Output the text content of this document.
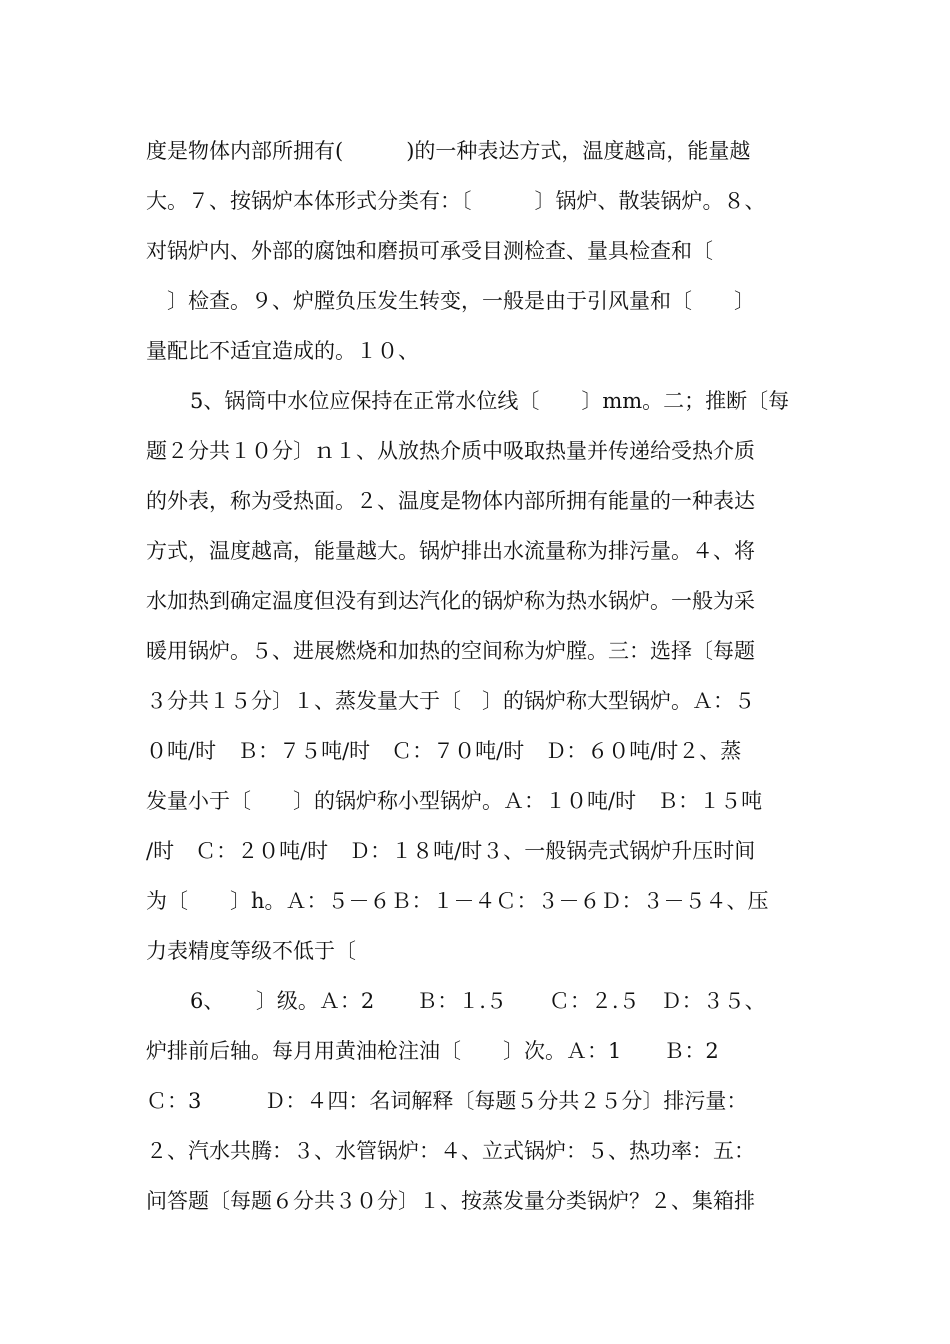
度是物体内部所拥有(　　　)的一种表达方式，温度越高，能量越
大。７、按锅炉本体形式分类有：〔　　　〕锅炉、散装锅炉。８、
对锅炉内、外部的腐蚀和磨损可承受目测检查、量具检查和〔
　〕检查。９、炉膛负压发生转变，一般是由于引风量和〔　　〕
量配比不适宜造成的。１０、
5、锅筒中水位应保持在正常水位线〔　　〕mm。二；推断〔每
题２分共１０分〕ｎ１、从放热介质中吸取热量并传递给受热介质
的外表，称为受热面。２、温度是物体内部所拥有能量的一种表达
方式，温度越高，能量越大。锅炉排出水流量称为排污量。４、将
水加热到确定温度但没有到达汽化的锅炉称为热水锅炉。一般为采
暖用锅炉。５、进展燃烧和加热的空间称为炉膛。三：选择〔每题
３分共１５分〕１、蒸发量大于〔　〕的锅炉称大型锅炉。Ａ：５
０吨/时　Ｂ：７５吨/时　Ｃ：７０吨/时　Ｄ：６０吨/时２、蒸
发量小于〔　　〕的锅炉称小型锅炉。Ａ：１０吨/时　Ｂ：１５吨
/时　Ｃ：２０吨/时　Ｄ：１８吨/时３、一般锅壳式锅炉升压时间
为〔　　〕h。Ａ：５－６Ｂ：１－４Ｃ：３－６Ｄ：３－５４、压
力表精度等级不低于〔
6、　　〕级。Ａ：2　　Ｂ：１.５　　Ｃ：２.５　Ｄ：３５、
炉排前后轴。每月用黄油枪注油〔　　〕次。Ａ：1　　Ｂ：2
Ｃ：3　　　Ｄ：４四：名词解释〔每题５分共２５分〕排污量：
２、汽水共腾：３、水管锅炉：４、立式锅炉：５、热功率：五：
问答题〔每题６分共３０分〕１、按蒸发量分类锅炉？２、集箱排
